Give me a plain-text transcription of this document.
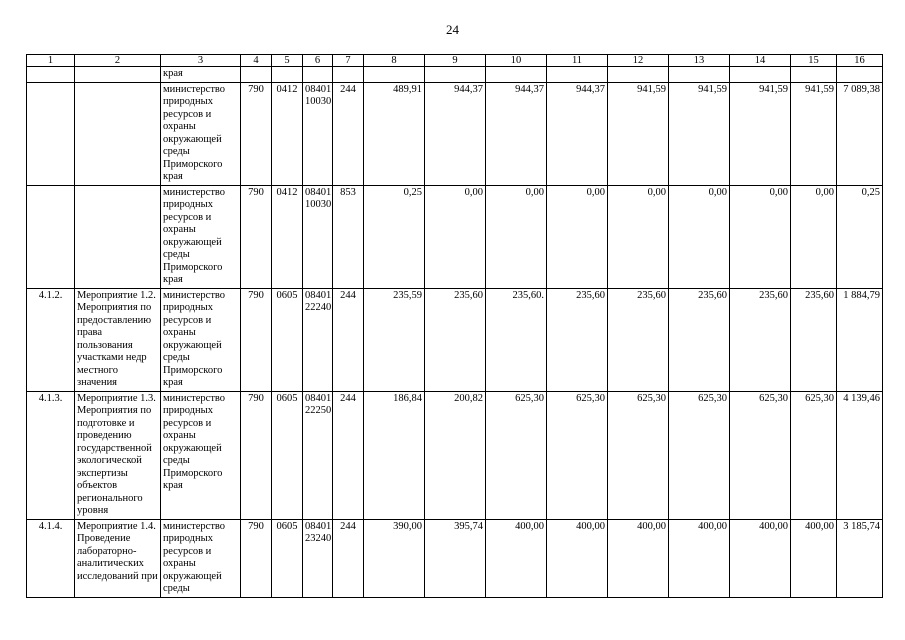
24
1	2	3	4	5	6	7	8	9	10	11	12	13	14	15	16
		края													
		министерство природных ресурсов и охраны окружающей среды Приморского края	790	0412	08401 10030	244	489,91	944,37	944,37	944,37	941,59	941,59	941,59	941,59	7 089,38
		министерство природных ресурсов и охраны окружающей среды Приморского края	790	0412	08401 10030	853	0,25	0,00	0,00	0,00	0,00	0,00	0,00	0,00	0,25
4.1.2.	Мероприятие 1.2. Мероприятия по предоставлению права пользования участками недр местного значения	министерство природных ресурсов и охраны окружающей среды Приморского края	790	0605	08401 22240	244	235,59	235,60	235,60.	235,60	235,60	235,60	235,60	235,60	1 884,79
4.1.3.	Мероприятие 1.3. Мероприятия по подготовке и проведению государственной экологической экспертизы объектов регионального уровня	министерство природных ресурсов и охраны окружающей среды Приморского края	790	0605	08401 22250	244	186,84	200,82	625,30	625,30	625,30	625,30	625,30	625,30	4 139,46
4.1.4.	Мероприятие 1.4. Проведение лабораторно-аналитических исследований при	министерство природных ресурсов и охраны окружающей среды	790	0605	08401 23240	244	390,00	395,74	400,00	400,00	400,00	400,00	400,00	400,00	3 185,74
